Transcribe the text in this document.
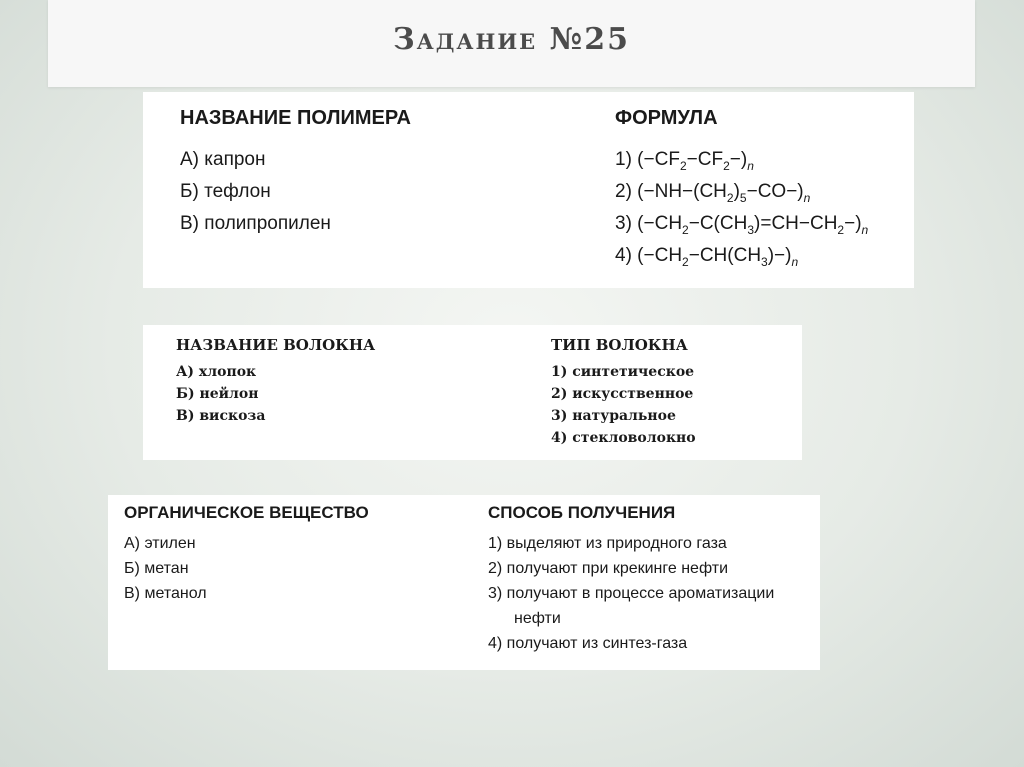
Задание №25
НАЗВАНИЕ ПОЛИМЕРА
А) капрон
Б) тефлон
В) полипропилен
ФОРМУЛА
1) $(-CF_2-CF_2-)_n$
2) $(-NH-(CH_2)_5-CO-)_n$
3) $(-CH_2-C(CH_3)=CH-CH_2-)_n$
4) $(-CH_2-CH(CH_3)-)_n$
НАЗВАНИЕ ВОЛОКНА
А) хлопок
Б) нейлон
В) вискоза
ТИП ВОЛОКНА
1) синтетическое
2) искусственное
3) натуральное
4) стекловолокно
ОРГАНИЧЕСКОЕ ВЕЩЕСТВО
А) этилен
Б) метан
В) метанол
СПОСОБ ПОЛУЧЕНИЯ
1) выделяют из природного газа
2) получают при крекинге нефти
3) получают в процессе ароматизации
нефти
4) получают из синтез-газа
